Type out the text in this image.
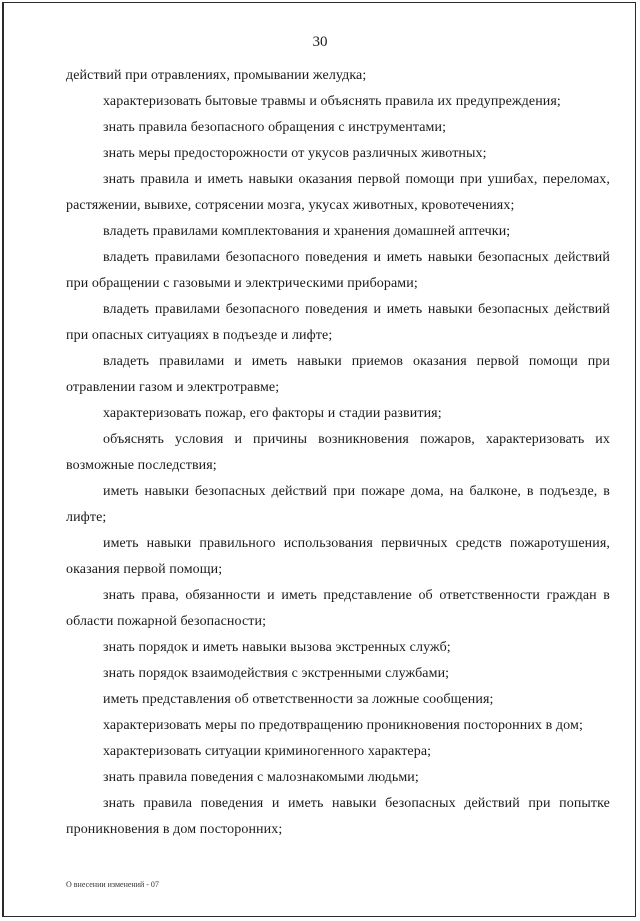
30

действий при отравлениях, промывании желудка;

характеризовать бытовые травмы и объяснять правила их предупреждения;

знать правила безопасного обращения с инструментами;

знать меры предосторожности от укусов различных животных;

знать правила и иметь навыки оказания первой помощи при ушибах, переломах, растяжении, вывихе, сотрясении мозга, укусах животных, кровотечениях;

владеть правилами комплектования и хранения домашней аптечки;

владеть правилами безопасного поведения и иметь навыки безопасных действий при обращении с газовыми и электрическими приборами;

владеть правилами безопасного поведения и иметь навыки безопасных действий при опасных ситуациях в подъезде и лифте;

владеть правилами и иметь навыки приемов оказания первой помощи при отравлении газом и электротравме;

характеризовать пожар, его факторы и стадии развития;

объяснять условия и причины возникновения пожаров, характеризовать их возможные последствия;

иметь навыки безопасных действий при пожаре дома, на балконе, в подъезде, в лифте;

иметь навыки правильного использования первичных средств пожаротушения, оказания первой помощи;

знать права, обязанности и иметь представление об ответственности граждан в области пожарной безопасности;

знать порядок и иметь навыки вызова экстренных служб;

знать порядок взаимодействия с экстренными службами;

иметь представления об ответственности за ложные сообщения;

характеризовать меры по предотвращению проникновения посторонних в дом;

характеризовать ситуации криминогенного характера;

знать правила поведения с малознакомыми людьми;

знать правила поведения и иметь навыки безопасных действий при попытке проникновения в дом посторонних;

О внесении изменений - 07
